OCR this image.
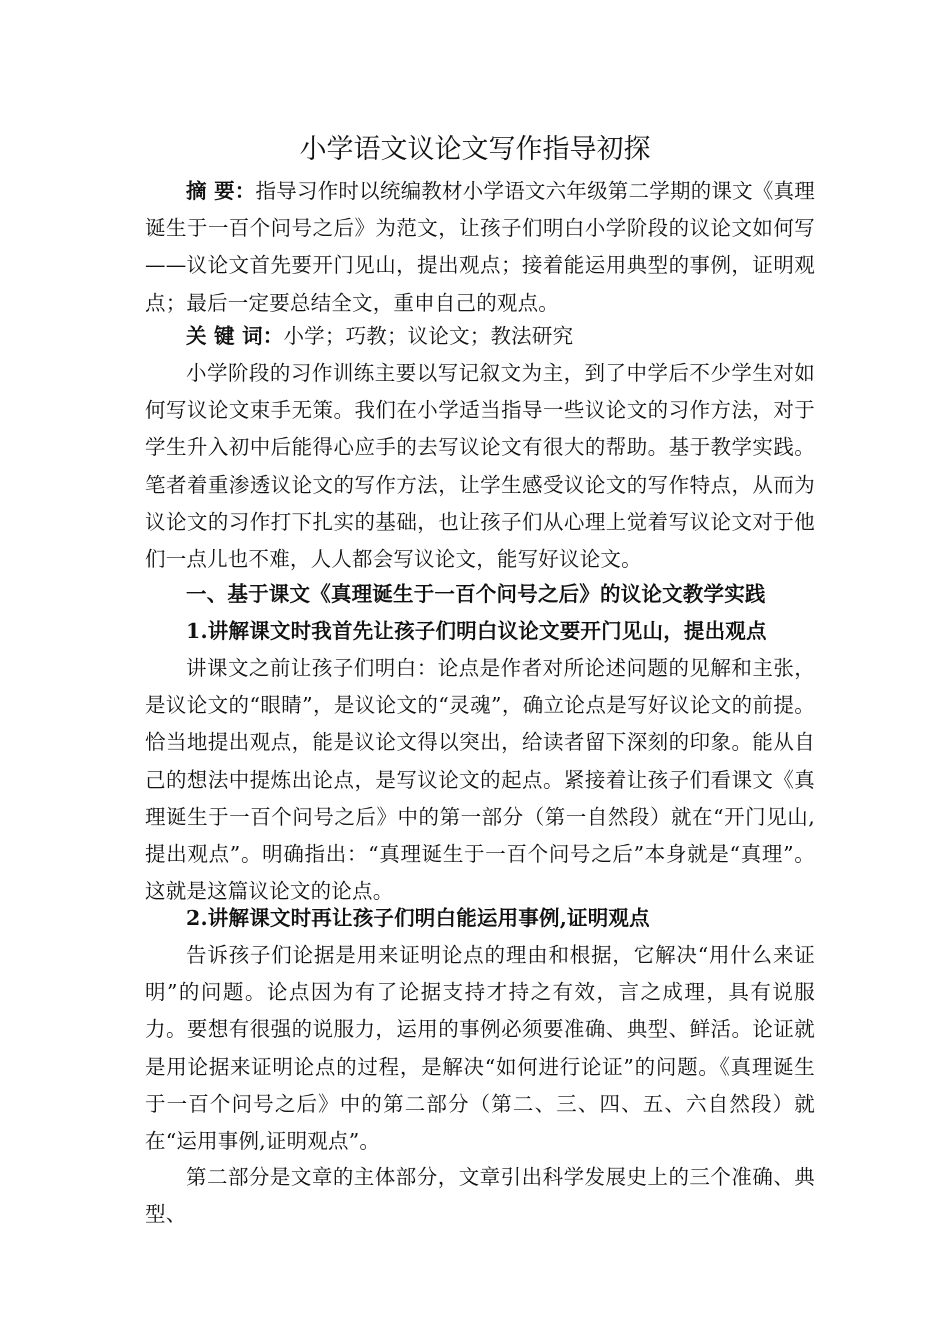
小学语文议论文写作指导初探
摘 要：指导习作时以统编教材小学语文六年级第二学期的课文《真理诞生于一百个问号之后》为范文，让孩子们明白小学阶段的议论文如何写——议论文首先要开门见山，提出观点；接着能运用典型的事例，证明观点；最后一定要总结全文，重申自己的观点。
关 键 词：小学；巧教；议论文；教法研究
小学阶段的习作训练主要以写记叙文为主，到了中学后不少学生对如何写议论文束手无策。我们在小学适当指导一些议论文的习作方法，对于学生升入初中后能得心应手的去写议论文有很大的帮助。基于教学实践。笔者着重渗透议论文的写作方法，让学生感受议论文的写作特点，从而为议论文的习作打下扎实的基础，也让孩子们从心理上觉着写议论文对于他们一点儿也不难，人人都会写议论文，能写好议论文。
一、基于课文《真理诞生于一百个问号之后》的议论文教学实践
1.讲解课文时我首先让孩子们明白议论文要开门见山，提出观点
讲课文之前让孩子们明白：论点是作者对所论述问题的见解和主张，是议论文的“眼睛”，是议论文的“灵魂”，确立论点是写好议论文的前提。恰当地提出观点，能是议论文得以突出，给读者留下深刻的印象。能从自己的想法中提炼出论点，是写议论文的起点。紧接着让孩子们看课文《真理诞生于一百个问号之后》中的第一部分（第一自然段）就在“开门见山,提出观点”。明确指出：“真理诞生于一百个问号之后”本身就是“真理”。这就是这篇议论文的论点。
2.讲解课文时再让孩子们明白能运用事例,证明观点
告诉孩子们论据是用来证明论点的理由和根据，它解决“用什么来证明”的问题。论点因为有了论据支持才持之有效，言之成理，具有说服力。要想有很强的说服力，运用的事例必须要准确、典型、鲜活。论证就是用论据来证明论点的过程，是解决“如何进行论证”的问题。《真理诞生于一百个问号之后》中的第二部分（第二、三、四、五、六自然段）就在“运用事例,证明观点”。
第二部分是文章的主体部分，文章引出科学发展史上的三个准确、典型、
